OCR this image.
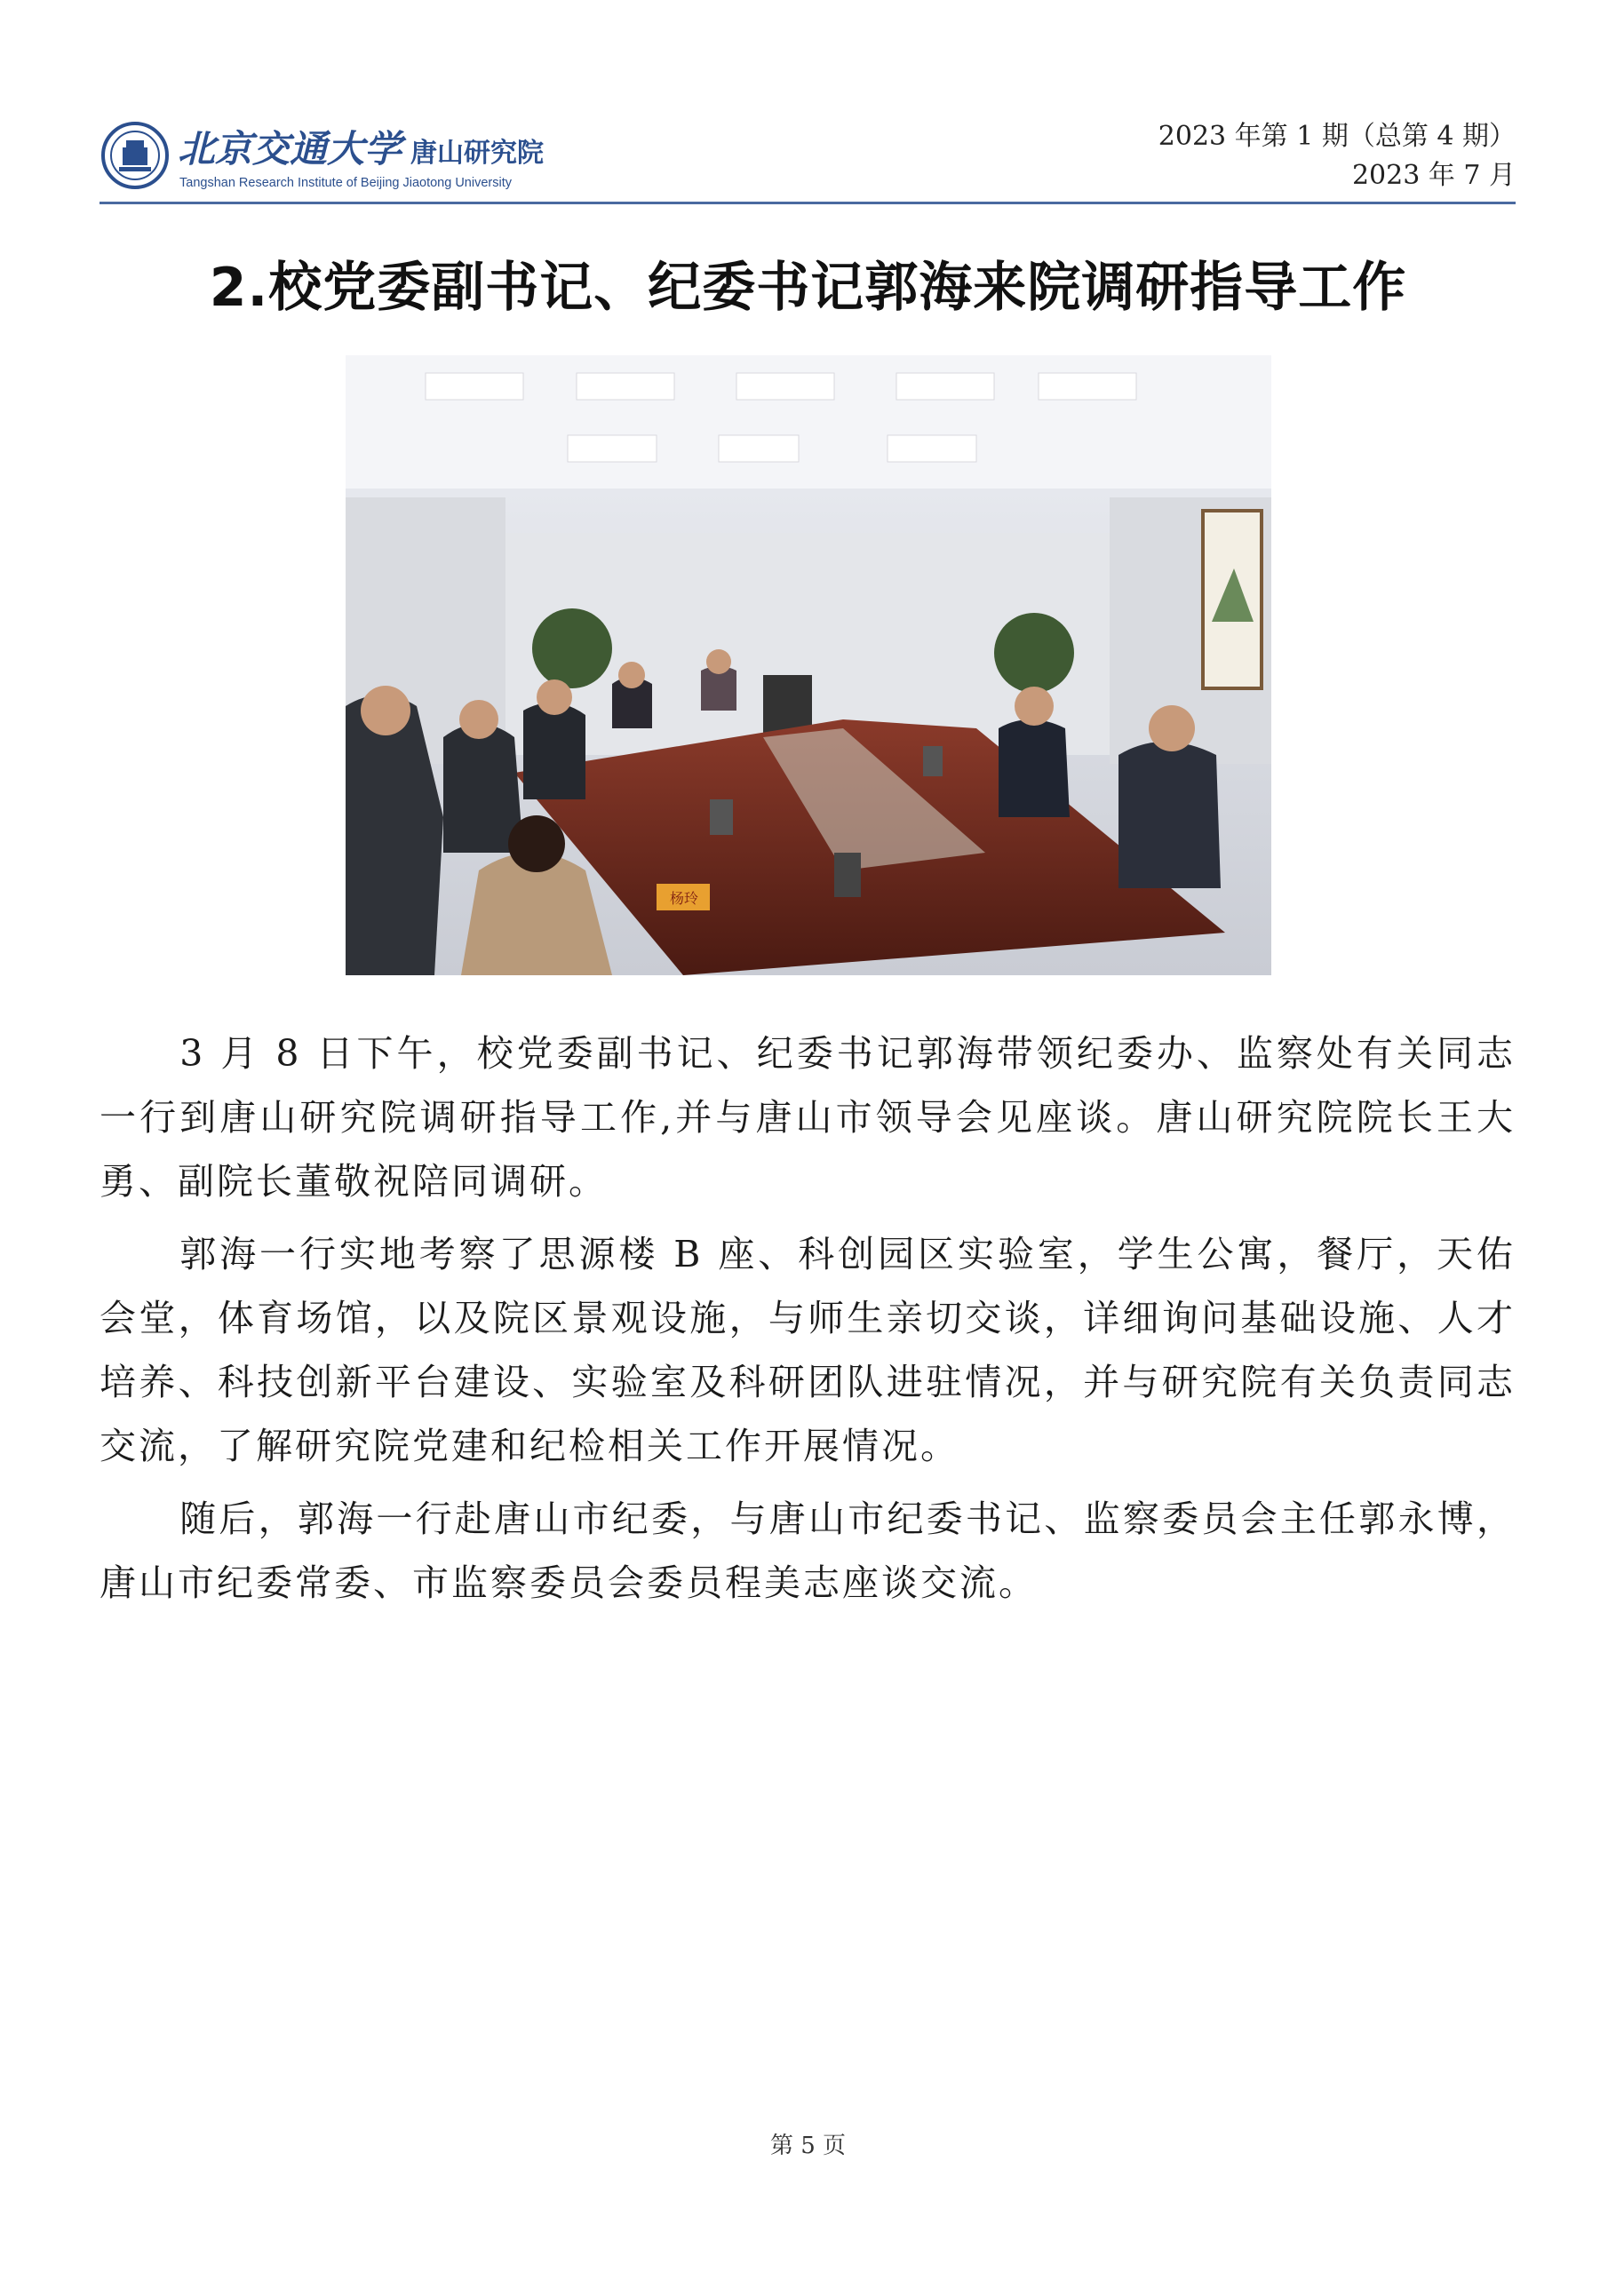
北京交通大学 唐山研究院
Tangshan Research Institute of Beijing Jiaotong University
2023 年第 1 期（总第 4 期）
2023 年 7 月
2.校党委副书记、纪委书记郭海来院调研指导工作
杨玲

3 月 8 日下午，校党委副书记、纪委书记郭海带领纪委办、监察处有关同志一行到唐山研究院调研指导工作,并与唐山市领导会见座谈。唐山研究院院长王大勇、副院长董敬祝陪同调研。

郭海一行实地考察了思源楼 B 座、科创园区实验室，学生公寓，餐厅，天佑会堂，体育场馆，以及院区景观设施，与师生亲切交谈，详细询问基础设施、人才培养、科技创新平台建设、实验室及科研团队进驻情况，并与研究院有关负责同志交流，了解研究院党建和纪检相关工作开展情况。

随后，郭海一行赴唐山市纪委，与唐山市纪委书记、监察委员会主任郭永博，唐山市纪委常委、市监察委员会委员程美志座谈交流。

第 5 页
